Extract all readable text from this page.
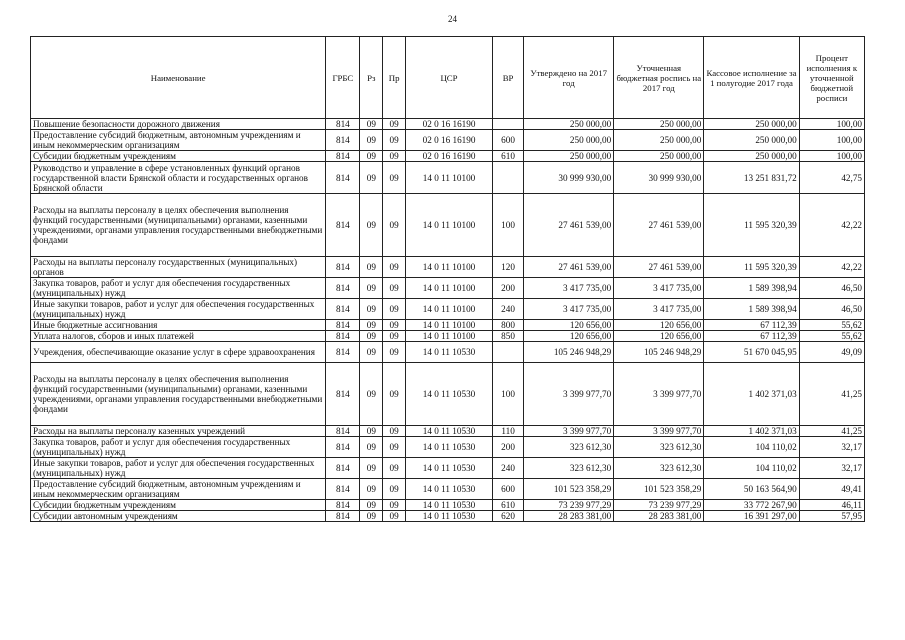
24
Наименование	ГРБС	Рз	Пр	ЦСР	ВР	Утверждено на 2017 год	Уточненная бюджетная роспись на 2017 год	Кассовое исполнение за 1 полугодие 2017 года	Процент исполнения к уточненной бюджетной росписи
Повышение безопасности дорожного движения	814	09	09	02 0 16 16190		250 000,00	250 000,00	250 000,00	100,00
Предоставление субсидий бюджетным, автономным учреждениям и иным некоммерческим организациям	814	09	09	02 0 16 16190	600	250 000,00	250 000,00	250 000,00	100,00
Субсидии бюджетным учреждениям	814	09	09	02 0 16 16190	610	250 000,00	250 000,00	250 000,00	100,00
Руководство и управление в сфере установленных функций органов государственной власти Брянской области и государственных органов Брянской области	814	09	09	14 0 11 10100		30 999 930,00	30 999 930,00	13 251 831,72	42,75
Расходы на выплаты персоналу в целях обеспечения выполнения функций государственными (муниципальными) органами, казенными учреждениями, органами управления государственными внебюджетными фондами	814	09	09	14 0 11 10100	100	27 461 539,00	27 461 539,00	11 595 320,39	42,22
Расходы на выплаты персоналу государственных (муниципальных) органов	814	09	09	14 0 11 10100	120	27 461 539,00	27 461 539,00	11 595 320,39	42,22
Закупка товаров, работ и услуг для обеспечения государственных (муниципальных) нужд	814	09	09	14 0 11 10100	200	3 417 735,00	3 417 735,00	1 589 398,94	46,50
Иные закупки товаров, работ и услуг для обеспечения государственных (муниципальных) нужд	814	09	09	14 0 11 10100	240	3 417 735,00	3 417 735,00	1 589 398,94	46,50
Иные бюджетные ассигнования	814	09	09	14 0 11 10100	800	120 656,00	120 656,00	67 112,39	55,62
Уплата налогов, сборов и иных платежей	814	09	09	14 0 11 10100	850	120 656,00	120 656,00	67 112,39	55,62
Учреждения, обеспечивающие оказание услуг в сфере здравоохранения	814	09	09	14 0 11 10530		105 246 948,29	105 246 948,29	51 670 045,95	49,09
Расходы на выплаты персоналу в целях обеспечения выполнения функций государственными (муниципальными) органами, казенными учреждениями, органами управления государственными внебюджетными фондами	814	09	09	14 0 11 10530	100	3 399 977,70	3 399 977,70	1 402 371,03	41,25
Расходы на выплаты персоналу казенных учреждений	814	09	09	14 0 11 10530	110	3 399 977,70	3 399 977,70	1 402 371,03	41,25
Закупка товаров, работ и услуг для обеспечения государственных (муниципальных) нужд	814	09	09	14 0 11 10530	200	323 612,30	323 612,30	104 110,02	32,17
Иные закупки товаров, работ и услуг для обеспечения государственных (муниципальных) нужд	814	09	09	14 0 11 10530	240	323 612,30	323 612,30	104 110,02	32,17
Предоставление субсидий бюджетным, автономным учреждениям и иным некоммерческим организациям	814	09	09	14 0 11 10530	600	101 523 358,29	101 523 358,29	50 163 564,90	49,41
Субсидии бюджетным учреждениям	814	09	09	14 0 11 10530	610	73 239 977,29	73 239 977,29	33 772 267,90	46,11
Субсидии автономным учреждениям	814	09	09	14 0 11 10530	620	28 283 381,00	28 283 381,00	16 391 297,00	57,95
